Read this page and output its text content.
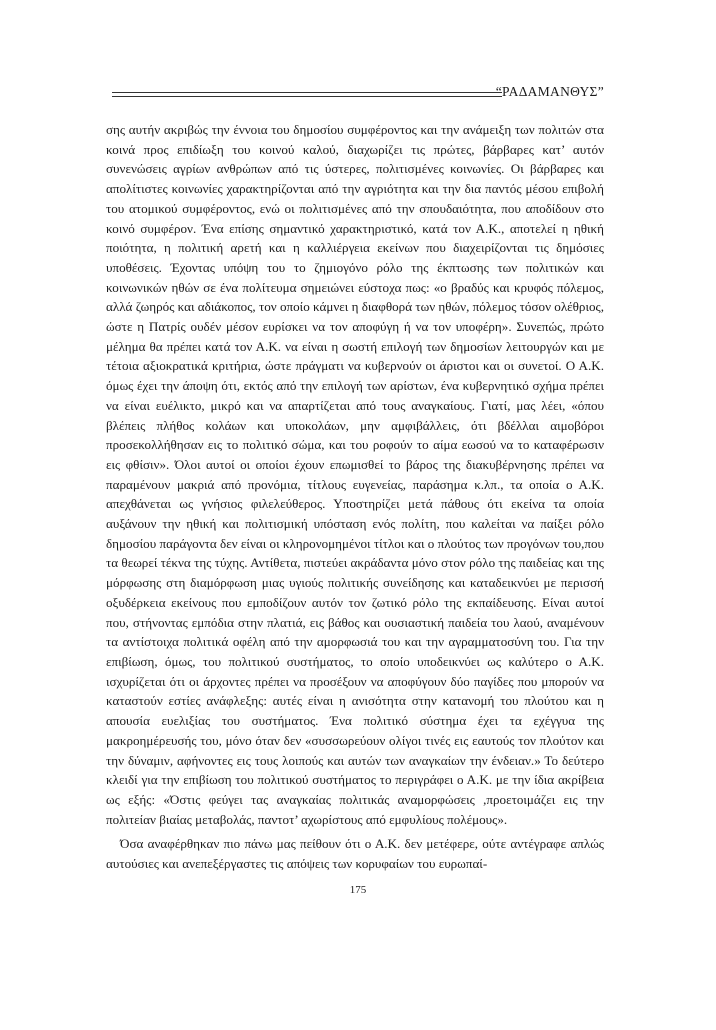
“ΡΑΔΑΜΑΝΘΥΣ”

σης αυτήν ακριβώς την έννοια του δημοσίου συμφέροντος και την ανάμειξη των πολιτών στα κοινά προς επιδίωξη του κοινού καλού, διαχωρίζει τις πρώτες, βάρβαρες κατ’ αυτόν συνενώσεις αγρίων ανθρώπων από τις ύστερες, πολιτισμένες κοινωνίες. Οι βάρβαρες και απολίτιστες κοινωνίες χαρακτηρίζονται από την αγριότητα και την δια παντός μέσου επιβολή του ατομικού συμφέροντος, ενώ οι πολιτισμένες από την σπουδαιότητα, που αποδίδουν στο κοινό συμφέρον. Ένα επίσης σημαντικό χαρακτηριστικό, κατά τον Α.Κ., αποτελεί η ηθική ποιότητα, η πολιτική αρετή και η καλλιέργεια εκείνων που διαχειρίζονται τις δημόσιες υποθέσεις. Έχοντας υπόψη του το ζημιογόνο ρόλο της έκπτωσης των πολιτικών και κοινωνικών ηθών σε ένα πολίτευμα σημειώνει εύστοχα πως: «ο βραδύς και κρυφός πόλεμος, αλλά ζωηρός και αδιάκοπος, τον οποίο κάμνει η διαφθορά των ηθών, πόλεμος τόσον ολέθριος, ώστε η Πατρίς ουδέν μέσον ευρίσκει να τον αποφύγη ή να τον υποφέρη». Συνεπώς, πρώτο μέλημα θα πρέπει κατά τον Α.Κ. να είναι η σωστή επιλογή των δημοσίων λειτουργών και με τέτοια αξιοκρατικά κριτήρια, ώστε πράγματι να κυβερνούν οι άριστοι και οι συνετοί. Ο Α.Κ. όμως έχει την άποψη ότι, εκτός από την επιλογή των αρίστων, ένα κυβερνητικό σχήμα πρέπει να είναι ευέλικτο, μικρό και να απαρτίζεται από τους αναγκαίους. Γιατί, μας λέει, «όπου βλέπεις πλήθος κολάων και υποκολάων, μην αμφιβάλλεις, ότι βδέλλαι αιμοβόροι προσεκολλήθησαν εις το πολιτικό σώμα, και του ροφούν το αίμα εωσού να το καταφέρωσιν εις φθίσιν». Όλοι αυτοί οι οποίοι έχουν επωμισθεί το βάρος της διακυβέρνησης πρέπει να παραμένουν μακριά από προνόμια, τίτλους ευγενείας, παράσημα κ.λπ., τα οποία ο Α.Κ. απεχθάνεται ως γνήσιος φιλελεύθερος. Υποστηρίζει μετά πάθους ότι εκείνα τα οποία αυξάνουν την ηθική και πολιτισμική υπόσταση ενός πολίτη, που καλείται να παίξει ρόλο δημοσίου παράγοντα δεν είναι οι κληρονομημένοι τίτλοι και ο πλούτος των προγόνων του,που τα θεωρεί τέκνα της τύχης. Αντίθετα, πιστεύει ακράδαντα μόνο στον ρόλο της παιδείας και της μόρφωσης στη διαμόρφωση μιας υγιούς πολιτικής συνείδησης και καταδεικνύει με περισσή οξυδέρκεια εκείνους που εμποδίζουν αυτόν τον ζωτικό ρόλο της εκπαίδευσης. Είναι αυτοί που, στήνοντας εμπόδια στην πλατιά, εις βάθος και ουσιαστική παιδεία του λαού, αναμένουν τα αντίστοιχα πολιτικά οφέλη από την αμορφωσιά του και την αγραμματοσύνη του. Για την επιβίωση, όμως, του πολιτικού συστήματος, το οποίο υποδεικνύει ως καλύτερο ο Α.Κ. ισχυρίζεται ότι οι άρχοντες πρέπει να προσέξουν να αποφύγουν δύο παγίδες που μπορούν να καταστούν εστίες ανάφλεξης: αυτές είναι η ανισότητα στην κατανομή του πλούτου και η απουσία ευελιξίας του συστήματος. Ένα πολιτικό σύστημα έχει τα εχέγγυα της μακροημέρευσής του, μόνο όταν δεν «συσσωρεύουν ολίγοι τινές εις εαυτούς τον πλούτον και την δύναμιν, αφήνοντες εις τους λοιπούς και αυτών των αναγκαίων την ένδειαν.» Το δεύτερο κλειδί για την επιβίωση του πολιτικού συστήματος το περιγράφει ο Α.Κ. με την ίδια ακρίβεια ως εξής: «Όστις φεύγει τας αναγκαίας πολιτικάς αναμορφώσεις ,προετοιμάζει εις την πολιτείαν βιαίας μεταβολάς, παντοτ’ αχωρίστους από εμφυλίους πολέμους».

Όσα αναφέρθηκαν πιο πάνω μας πείθουν ότι ο Α.Κ. δεν μετέφερε, ούτε αντέγραφε απλώς αυτούσιες και ανεπεξέργαστες τις απόψεις των κορυφαίων του ευρωπαί-

175
